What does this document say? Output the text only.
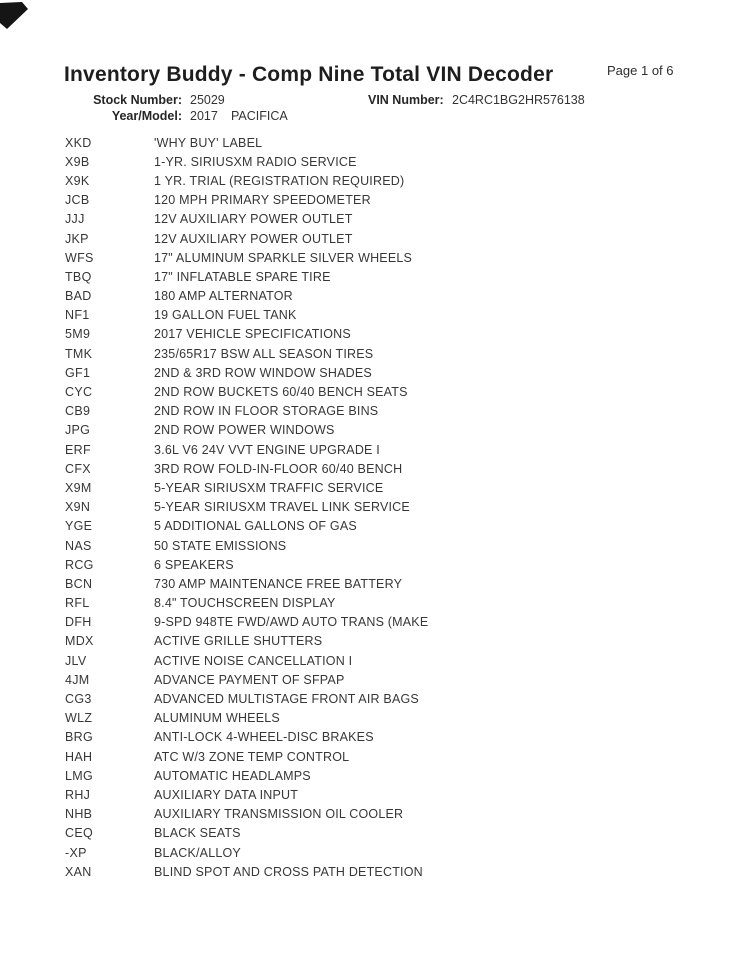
Inventory Buddy - Comp Nine Total VIN Decoder	Page 1 of 6
Stock Number: 25029	VIN Number: 2C4RC1BG2HR576138
Year/Model: 2017 PACIFICA
XKD	'WHY BUY' LABEL
X9B	1-YR. SIRIUSXM RADIO SERVICE
X9K	1 YR. TRIAL (REGISTRATION REQUIRED)
JCB	120 MPH PRIMARY SPEEDOMETER
JJJ	12V AUXILIARY POWER OUTLET
JKP	12V AUXILIARY POWER OUTLET
WFS	17" ALUMINUM SPARKLE SILVER WHEELS
TBQ	17" INFLATABLE SPARE TIRE
BAD	180 AMP ALTERNATOR
NF1	19 GALLON FUEL TANK
5M9	2017 VEHICLE SPECIFICATIONS
TMK	235/65R17 BSW ALL SEASON TIRES
GF1	2ND & 3RD ROW WINDOW SHADES
CYC	2ND ROW BUCKETS 60/40 BENCH SEATS
CB9	2ND ROW IN FLOOR STORAGE BINS
JPG	2ND ROW POWER WINDOWS
ERF	3.6L V6 24V VVT ENGINE UPGRADE I
CFX	3RD ROW FOLD-IN-FLOOR 60/40 BENCH
X9M	5-YEAR SIRIUSXM TRAFFIC SERVICE
X9N	5-YEAR SIRIUSXM TRAVEL LINK SERVICE
YGE	5 ADDITIONAL GALLONS OF GAS
NAS	50 STATE EMISSIONS
RCG	6 SPEAKERS
BCN	730 AMP MAINTENANCE FREE BATTERY
RFL	8.4" TOUCHSCREEN DISPLAY
DFH	9-SPD 948TE FWD/AWD AUTO TRANS (MAKE
MDX	ACTIVE GRILLE SHUTTERS
JLV	ACTIVE NOISE CANCELLATION I
4JM	ADVANCE PAYMENT OF SFPAP
CG3	ADVANCED MULTISTAGE FRONT AIR BAGS
WLZ	ALUMINUM WHEELS
BRG	ANTI-LOCK 4-WHEEL-DISC BRAKES
HAH	ATC W/3 ZONE TEMP CONTROL
LMG	AUTOMATIC HEADLAMPS
RHJ	AUXILIARY DATA INPUT
NHB	AUXILIARY TRANSMISSION OIL COOLER
CEQ	BLACK SEATS
-XP	BLACK/ALLOY
XAN	BLIND SPOT AND CROSS PATH DETECTION
